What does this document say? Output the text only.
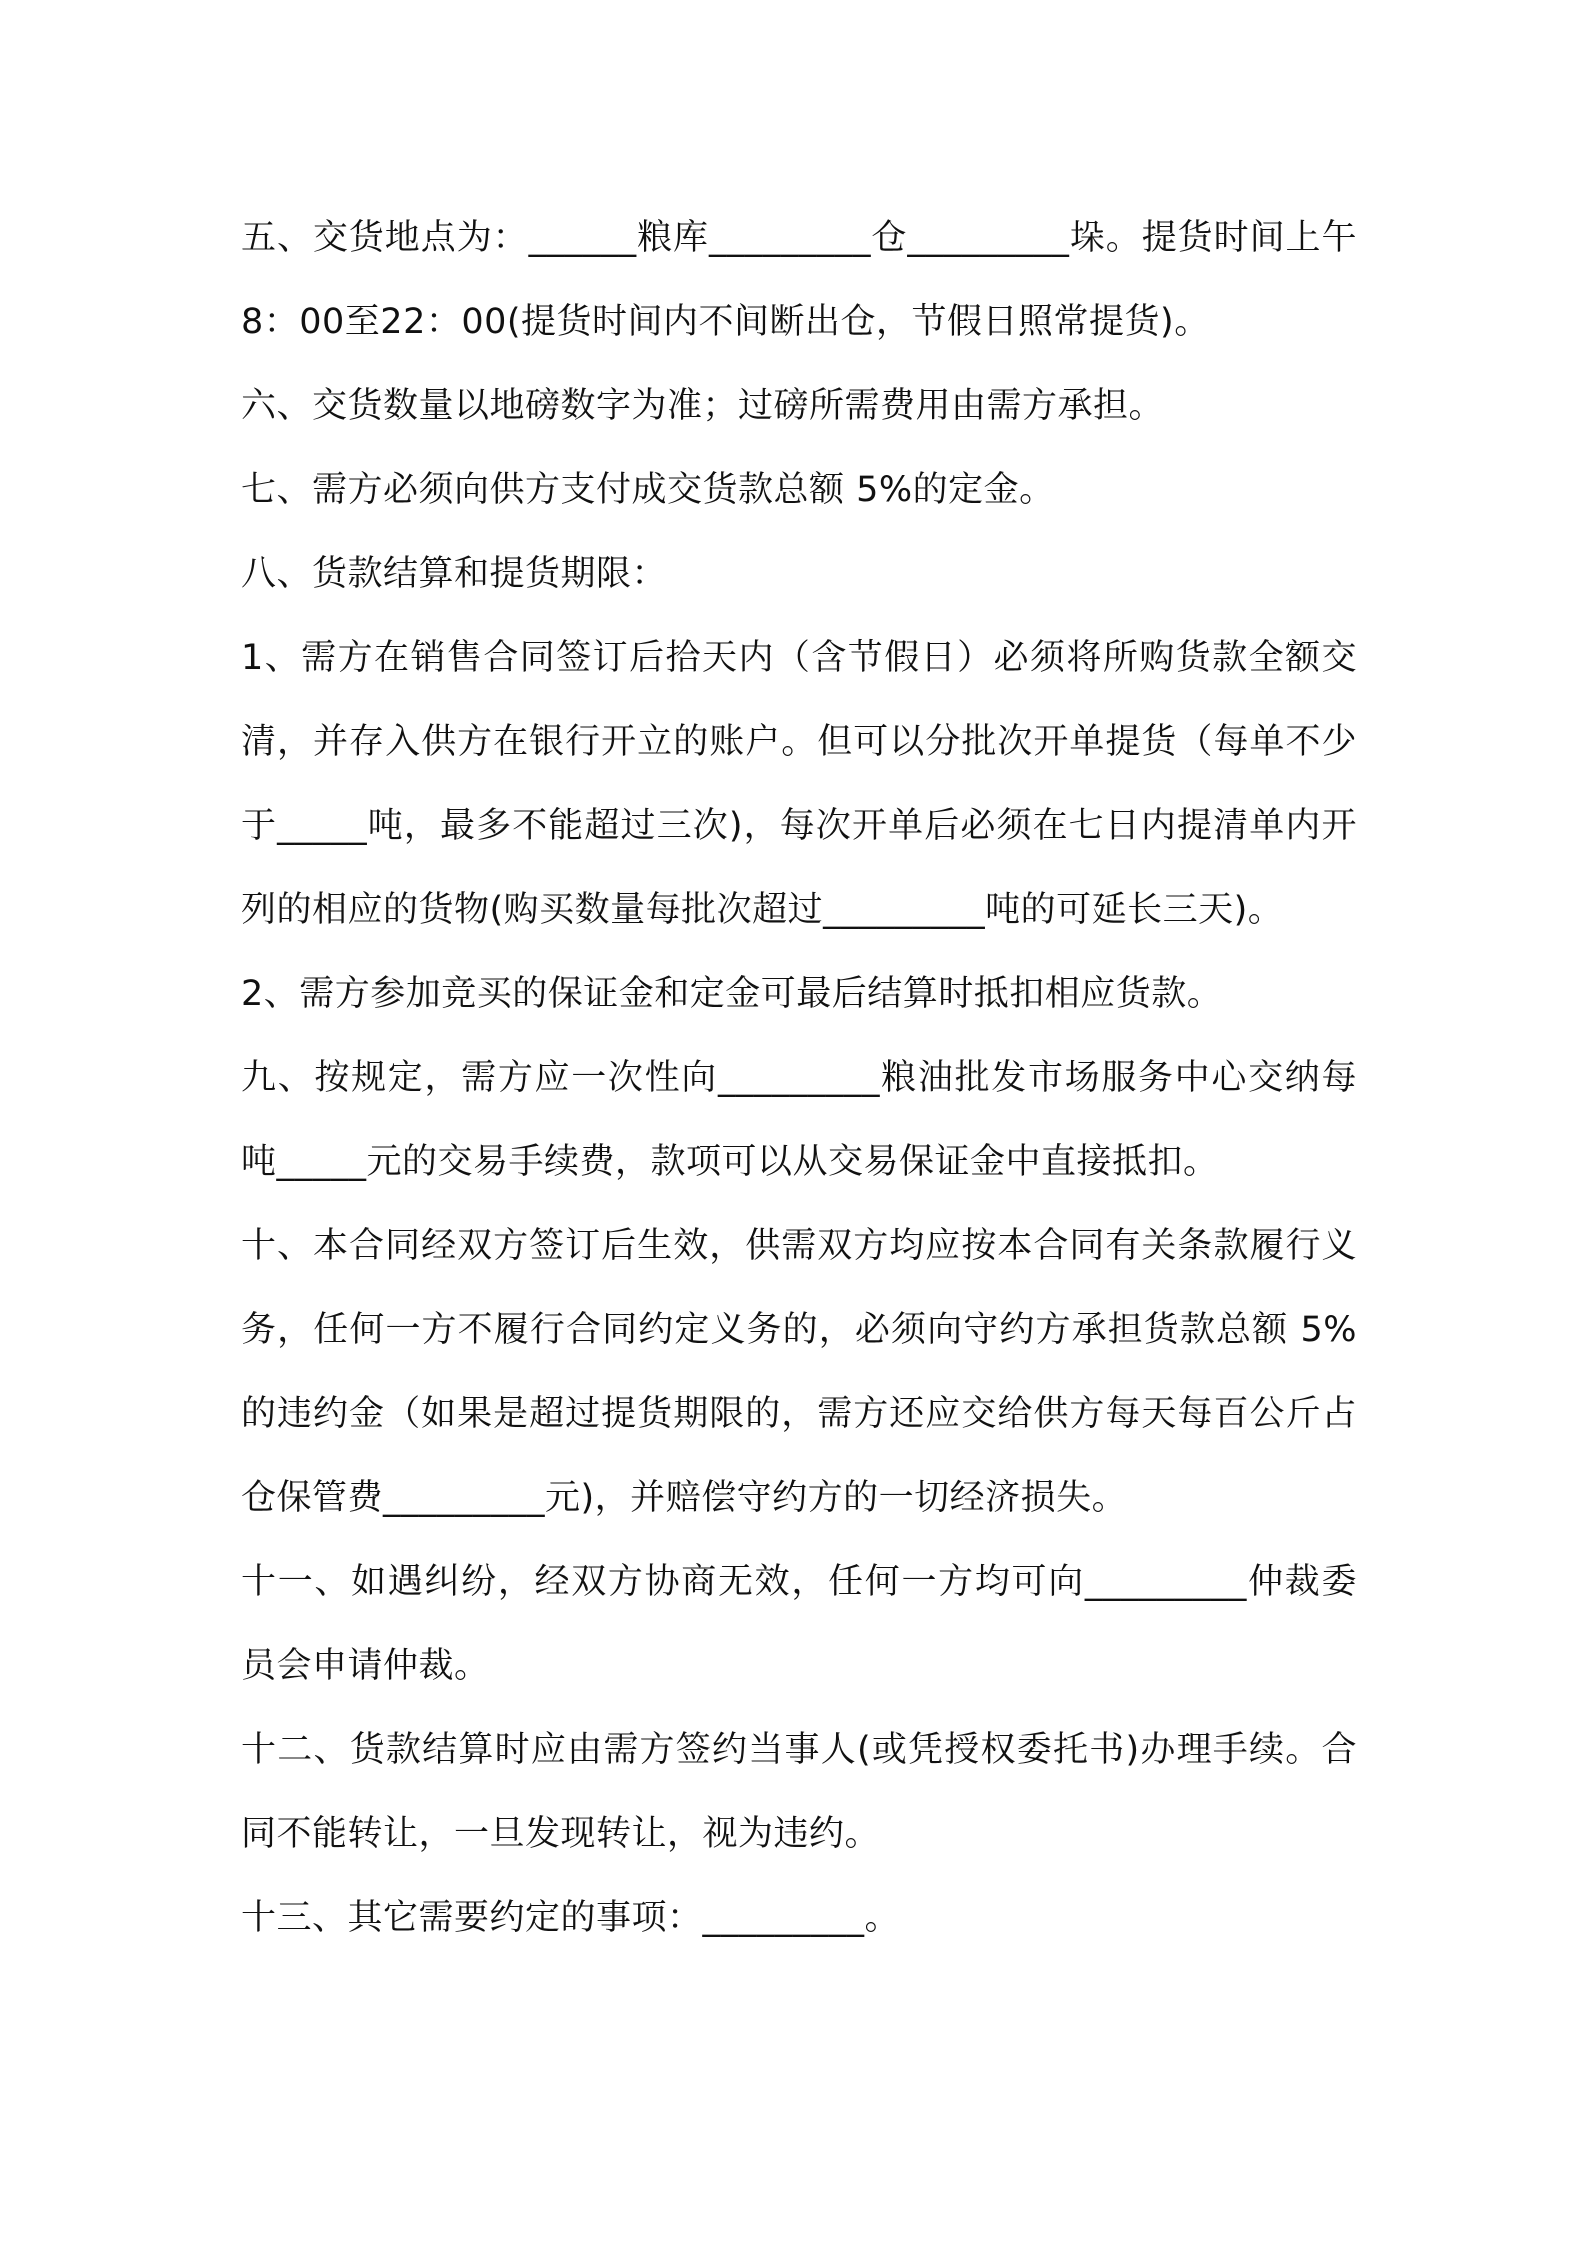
五、交货地点为：______粮库_________仓_________垛。提货时间上午8：00至22：00(提货时间内不间断出仓，节假日照常提货)。

六、交货数量以地磅数字为准；过磅所需费用由需方承担。

七、需方必须向供方支付成交货款总额 5%的定金。

八、货款结算和提货期限：

1、需方在销售合同签订后拾天内（含节假日）必须将所购货款全额交清，并存入供方在银行开立的账户。但可以分批次开单提货（每单不少于_____吨，最多不能超过三次)，每次开单后必须在七日内提清单内开列的相应的货物(购买数量每批次超过_________吨的可延长三天)。

2、需方参加竞买的保证金和定金可最后结算时抵扣相应货款。

九、按规定，需方应一次性向_________粮油批发市场服务中心交纳每吨_____元的交易手续费，款项可以从交易保证金中直接抵扣。

十、本合同经双方签订后生效，供需双方均应按本合同有关条款履行义务，任何一方不履行合同约定义务的，必须向守约方承担货款总额 5%的违约金（如果是超过提货期限的，需方还应交给供方每天每百公斤占仓保管费_________元)，并赔偿守约方的一切经济损失。

十一、如遇纠纷，经双方协商无效，任何一方均可向_________仲裁委员会申请仲裁。

十二、货款结算时应由需方签约当事人(或凭授权委托书)办理手续。合同不能转让，一旦发现转让，视为违约。

十三、其它需要约定的事项：_________。
